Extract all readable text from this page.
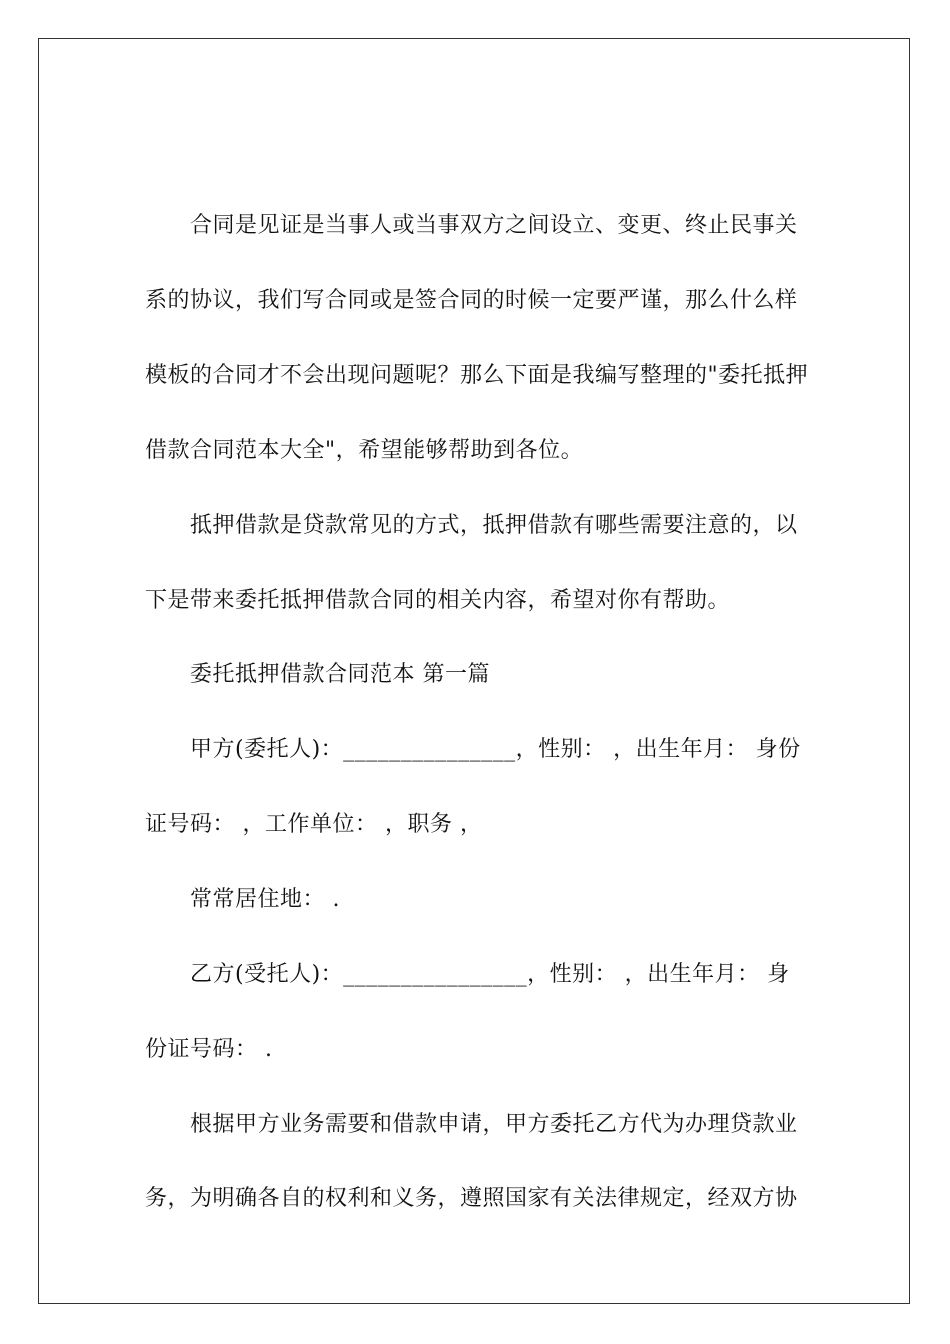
合同是见证是当事人或当事双方之间设立、变更、终止民事关
系的协议，我们写合同或是签合同的时候一定要严谨，那么什么样
模板的合同才不会出现问题呢？那么下面是我编写整理的"委托抵押
借款合同范本大全"，希望能够帮助到各位。
抵押借款是贷款常见的方式，抵押借款有哪些需要注意的，以
下是带来委托抵押借款合同的相关内容，希望对你有帮助。
委托抵押借款合同范本 第一篇
甲方(委托人)：_______________，性别： ，出生年月： 身份
证号码： ，工作单位： ，职务 ，
常常居住地： .
乙方(受托人)：________________，性别： ，出生年月： 身
份证号码： .
根据甲方业务需要和借款申请，甲方委托乙方代为办理贷款业
务，为明确各自的权利和义务，遵照国家有关法律规定，经双方协
